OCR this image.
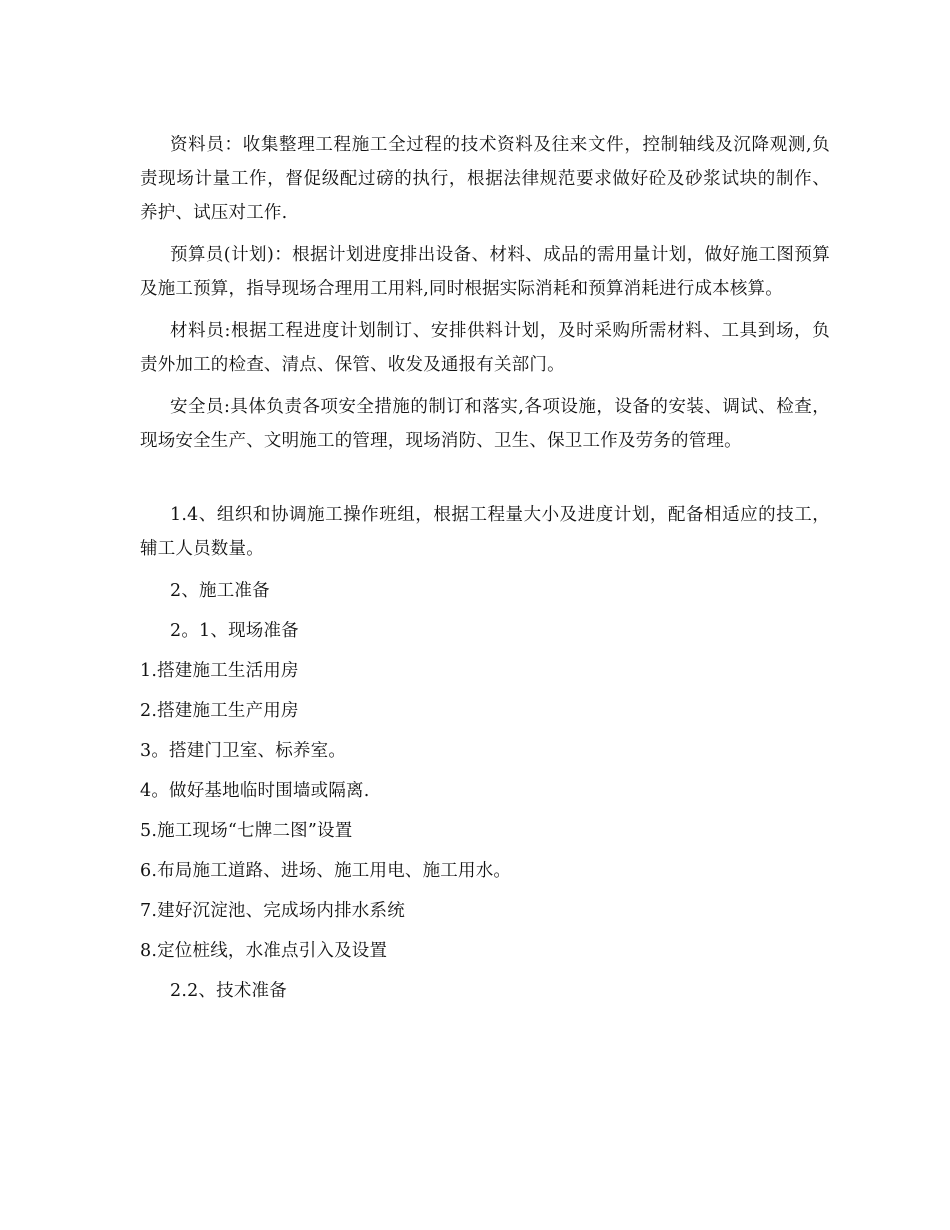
资料员：收集整理工程施工全过程的技术资料及往来文件，控制轴线及沉降观测,负责现场计量工作，督促级配过磅的执行，根据法律规范要求做好砼及砂浆试块的制作、养护、试压对工作.

预算员(计划)：根据计划进度排出设备、材料、成品的需用量计划，做好施工图预算及施工预算，指导现场合理用工用料,同时根据实际消耗和预算消耗进行成本核算。

材料员:根据工程进度计划制订、安排供料计划，及时采购所需材料、工具到场，负责外加工的检查、清点、保管、收发及通报有关部门。

安全员:具体负责各项安全措施的制订和落实,各项设施，设备的安装、调试、检查，现场安全生产、文明施工的管理，现场消防、卫生、保卫工作及劳务的管理。

1.4、组织和协调施工操作班组，根据工程量大小及进度计划，配备相适应的技工，辅工人员数量。

2、施工准备

2。1、现场准备

1.搭建施工生活用房

2.搭建施工生产用房

3。搭建门卫室、标养室。

4。做好基地临时围墙或隔离.

5.施工现场“七牌二图”设置

6.布局施工道路、进场、施工用电、施工用水。

7.建好沉淀池、完成场内排水系统

8.定位桩线，水准点引入及设置

2.2、技术准备
